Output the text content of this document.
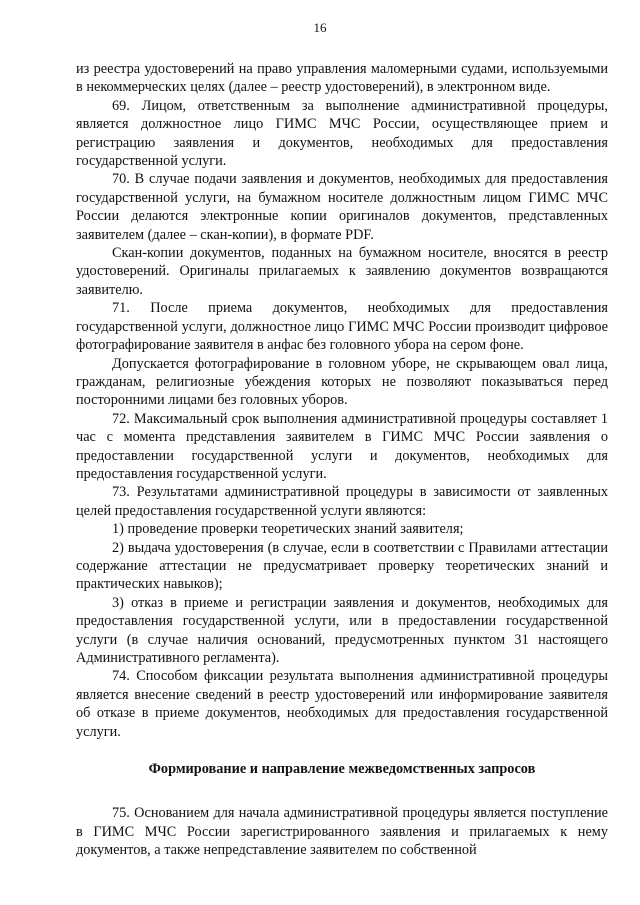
16

из реестра удостоверений на право управления маломерными судами, используемыми в некоммерческих целях (далее – реестр удостоверений), в электронном виде.

69. Лицом, ответственным за выполнение административной процедуры, является должностное лицо ГИМС МЧС России, осуществляющее прием и регистрацию заявления и документов, необходимых для предоставления государственной услуги.

70. В случае подачи заявления и документов, необходимых для предоставления государственной услуги, на бумажном носителе должностным лицом ГИМС МЧС России делаются электронные копии оригиналов документов, представленных заявителем (далее – скан-копии), в формате PDF.

Скан-копии документов, поданных на бумажном носителе, вносятся в реестр удостоверений. Оригиналы прилагаемых к заявлению документов возвращаются заявителю.

71. После приема документов, необходимых для предоставления государственной услуги, должностное лицо ГИМС МЧС России производит цифровое фотографирование заявителя в анфас без головного убора на сером фоне.

Допускается фотографирование в головном уборе, не скрывающем овал лица, гражданам, религиозные убеждения которых не позволяют показываться перед посторонними лицами без головных уборов.

72. Максимальный срок выполнения административной процедуры составляет 1 час с момента представления заявителем в ГИМС МЧС России заявления о предоставлении государственной услуги и документов, необходимых для предоставления государственной услуги.

73. Результатами административной процедуры в зависимости от заявленных целей предоставления государственной услуги являются:

1) проведение проверки теоретических знаний заявителя;

2) выдача удостоверения (в случае, если в соответствии с Правилами аттестации содержание аттестации не предусматривает проверку теоретических знаний и практических навыков);

3) отказ в приеме и регистрации заявления и документов, необходимых для предоставления государственной услуги, или в предоставлении государственной услуги (в случае наличия оснований, предусмотренных пунктом 31 настоящего Административного регламента).

74. Способом фиксации результата выполнения административной процедуры является внесение сведений в реестр удостоверений или информирование заявителя об отказе в приеме документов, необходимых для предоставления государственной услуги.

Формирование и направление межведомственных запросов

75. Основанием для начала административной процедуры является поступление в ГИМС МЧС России зарегистрированного заявления и прилагаемых к нему документов, а также непредставление заявителем по собственной
